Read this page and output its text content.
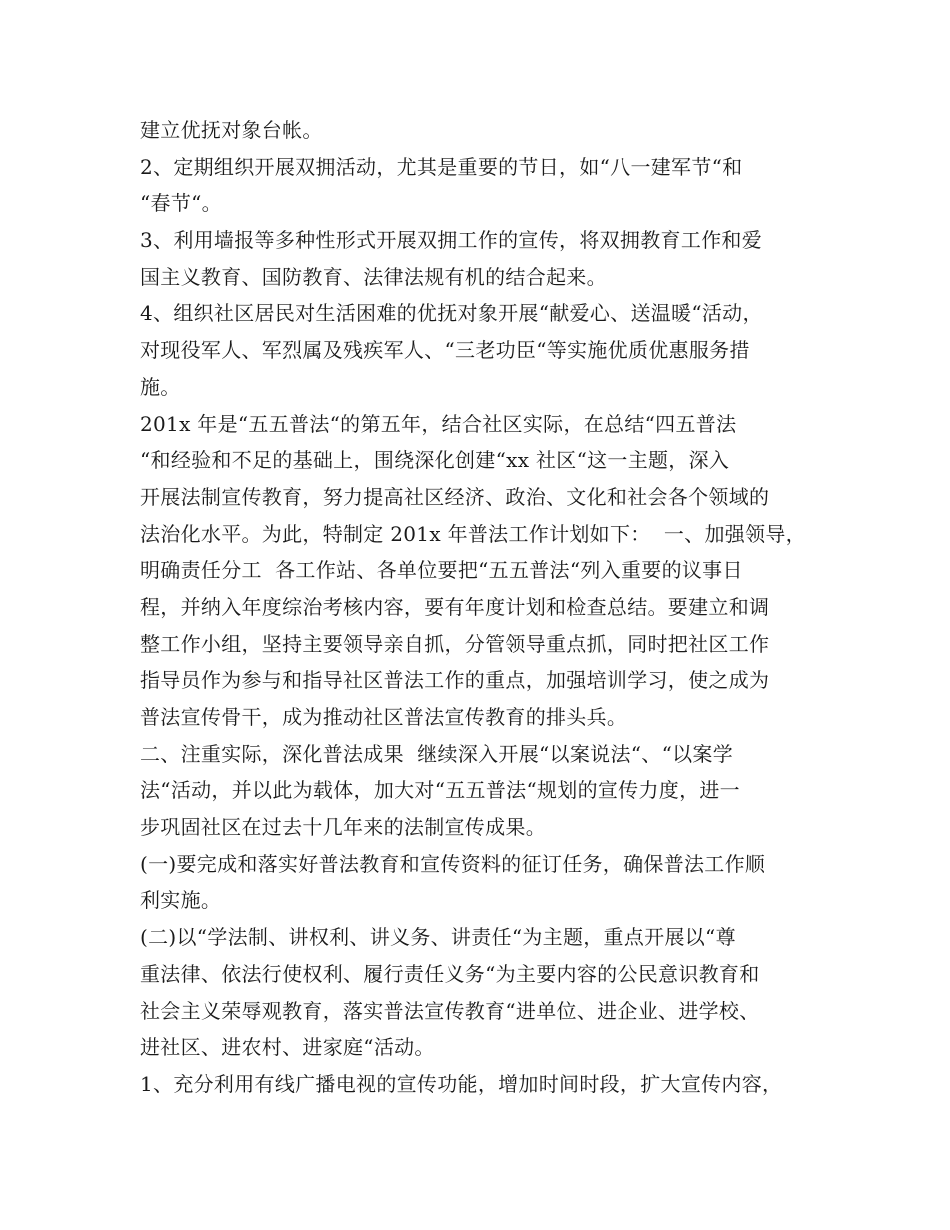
建立优抚对象台帐。
2、定期组织开展双拥活动，尤其是重要的节日，如“八一建军节“和
“春节“。
3、利用墙报等多种性形式开展双拥工作的宣传，将双拥教育工作和爱
国主义教育、国防教育、法律法规有机的结合起来。
4、组织社区居民对生活困难的优抚对象开展“献爱心、送温暖“活动，
对现役军人、军烈属及残疾军人、“三老功臣“等实施优质优惠服务措
施。
201x 年是“五五普法“的第五年，结合社区实际，在总结“四五普法
“和经验和不足的基础上，围绕深化创建“xx 社区“这一主题，深入
开展法制宣传教育，努力提高社区经济、政治、文化和社会各个领域的
法治化水平。为此，特制定 201x 年普法工作计划如下：  一、加强领导，
明确责任分工  各工作站、各单位要把“五五普法“列入重要的议事日
程，并纳入年度综治考核内容，要有年度计划和检查总结。要建立和调
整工作小组，坚持主要领导亲自抓，分管领导重点抓，同时把社区工作
指导员作为参与和指导社区普法工作的重点，加强培训学习，使之成为
普法宣传骨干，成为推动社区普法宣传教育的排头兵。
二、注重实际，深化普法成果  继续深入开展“以案说法“、“以案学
法“活动，并以此为载体，加大对“五五普法“规划的宣传力度，进一
步巩固社区在过去十几年来的法制宣传成果。
(一)要完成和落实好普法教育和宣传资料的征订任务，确保普法工作顺
利实施。
(二)以“学法制、讲权利、讲义务、讲责任“为主题，重点开展以“尊
重法律、依法行使权利、履行责任义务“为主要内容的公民意识教育和
社会主义荣辱观教育，落实普法宣传教育“进单位、进企业、进学校、
进社区、进农村、进家庭“活动。
1、充分利用有线广播电视的宣传功能，增加时间时段，扩大宣传内容，
